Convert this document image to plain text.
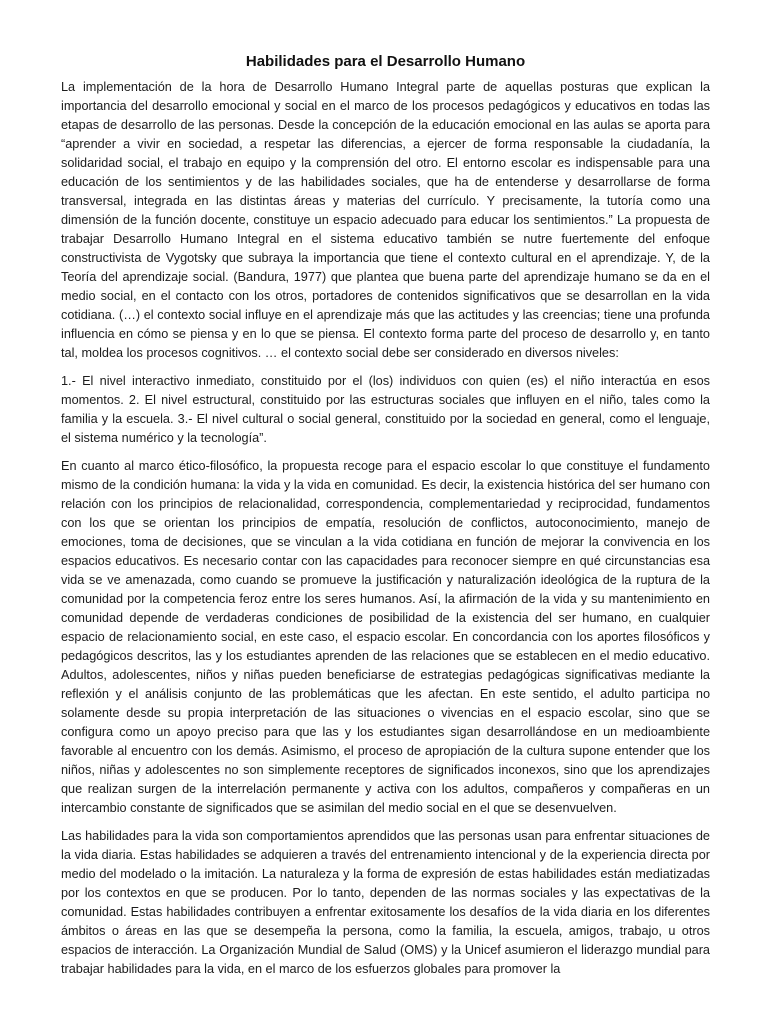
Habilidades para el Desarrollo Humano

La implementación de la hora de Desarrollo Humano Integral parte de aquellas posturas que explican la importancia del desarrollo emocional y social en el marco de los procesos pedagógicos y educativos en todas las etapas de desarrollo de las personas. Desde la concepción de la educación emocional en las aulas se aporta para “aprender a vivir en sociedad, a respetar las diferencias, a ejercer de forma responsable la ciudadanía, la solidaridad social, el trabajo en equipo y la comprensión del otro. El entorno escolar es indispensable para una educación de los sentimientos y de las habilidades sociales, que ha de entenderse y desarrollarse de forma transversal, integrada en las distintas áreas y materias del currículo. Y precisamente, la tutoría como una dimensión de la función docente, constituye un espacio adecuado para educar los sentimientos.” La propuesta de trabajar Desarrollo Humano Integral en el sistema educativo también se nutre fuertemente del enfoque constructivista de Vygotsky que subraya la importancia que tiene el contexto cultural en el aprendizaje. Y, de la Teoría del aprendizaje social. (Bandura, 1977) que plantea que buena parte del aprendizaje humano se da en el medio social, en el contacto con los otros, portadores de contenidos significativos que se desarrollan en la vida cotidiana. (…) el contexto social influye en el aprendizaje más que las actitudes y las creencias; tiene una profunda influencia en cómo se piensa y en lo que se piensa. El contexto forma parte del proceso de desarrollo y, en tanto tal, moldea los procesos cognitivos. … el contexto social debe ser considerado en diversos niveles:

1.- El nivel interactivo inmediato, constituido por el (los) individuos con quien (es) el niño interactúa en esos momentos. 2. El nivel estructural, constituido por las estructuras sociales que influyen en el niño, tales como la familia y la escuela. 3.- El nivel cultural o social general, constituido por la sociedad en general, como el lenguaje, el sistema numérico y la tecnología”.

En cuanto al marco ético-filosófico, la propuesta recoge para el espacio escolar lo que constituye el fundamento mismo de la condición humana: la vida y la vida en comunidad. Es decir, la existencia histórica del ser humano con relación con los principios de relacionalidad, correspondencia, complementariedad y reciprocidad, fundamentos con los que se orientan los principios de empatía, resolución de conflictos, autoconocimiento, manejo de emociones, toma de decisiones, que se vinculan a la vida cotidiana en función de mejorar la convivencia en los espacios educativos. Es necesario contar con las capacidades para reconocer siempre en qué circunstancias esa vida se ve amenazada, como cuando se promueve la justificación y naturalización ideológica de la ruptura de la comunidad por la competencia feroz entre los seres humanos. Así, la afirmación de la vida y su mantenimiento en comunidad depende de verdaderas condiciones de posibilidad de la existencia del ser humano, en cualquier espacio de relacionamiento social, en este caso, el espacio escolar. En concordancia con los aportes filosóficos y pedagógicos descritos, las y los estudiantes aprenden de las relaciones que se establecen en el medio educativo. Adultos, adolescentes, niños y niñas pueden beneficiarse de estrategias pedagógicas significativas mediante la reflexión y el análisis conjunto de las problemáticas que les afectan. En este sentido, el adulto participa no solamente desde su propia interpretación de las situaciones o vivencias en el espacio escolar, sino que se configura como un apoyo preciso para que las y los estudiantes sigan desarrollándose en un medioambiente favorable al encuentro con los demás. Asimismo, el proceso de apropiación de la cultura supone entender que los niños, niñas y adolescentes no son simplemente receptores de significados inconexos, sino que los aprendizajes que realizan surgen de la interrelación permanente y activa con los adultos, compañeros y compañeras en un intercambio constante de significados que se asimilan del medio social en el que se desenvuelven.

Las habilidades para la vida son comportamientos aprendidos que las personas usan para enfrentar situaciones de la vida diaria. Estas habilidades se adquieren a través del entrenamiento intencional y de la experiencia directa por medio del modelado o la imitación. La naturaleza y la forma de expresión de estas habilidades están mediatizadas por los contextos en que se producen. Por lo tanto, dependen de las normas sociales y las expectativas de la comunidad. Estas habilidades contribuyen a enfrentar exitosamente los desafíos de la vida diaria en los diferentes ámbitos o áreas en las que se desempeña la persona, como la familia, la escuela, amigos, trabajo, u otros espacios de interacción. La Organización Mundial de Salud (OMS) y la Unicef asumieron el liderazgo mundial para trabajar habilidades para la vida, en el marco de los esfuerzos globales para promover la
